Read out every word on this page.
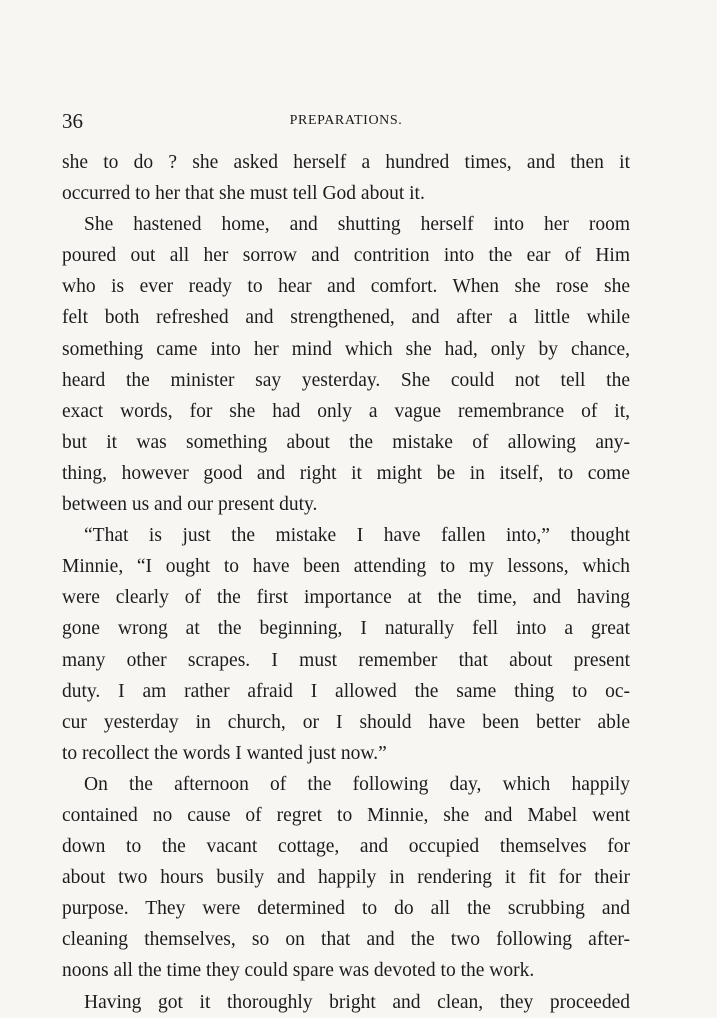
36	PREPARATIONS.
she to do ? she asked herself a hundred times, and then it
occurred to her that she must tell God about it.
She hastened home, and shutting herself into her room
poured out all her sorrow and contrition into the ear of Him
who is ever ready to hear and comfort. When she rose she
felt both refreshed and strengthened, and after a little while
something came into her mind which she had, only by chance,
heard the minister say yesterday. She could not tell the
exact words, for she had only a vague remembrance of it,
but it was something about the mistake of allowing any-
thing, however good and right it might be in itself, to come
between us and our present duty.
“That is just the mistake I have fallen into,” thought
Minnie, “I ought to have been attending to my lessons, which
were clearly of the first importance at the time, and having
gone wrong at the beginning, I naturally fell into a great
many other scrapes. I must remember that about present
duty. I am rather afraid I allowed the same thing to oc-
cur yesterday in church, or I should have been better able
to recollect the words I wanted just now.”
On the afternoon of the following day, which happily
contained no cause of regret to Minnie, she and Mabel went
down to the vacant cottage, and occupied themselves for
about two hours busily and happily in rendering it fit for their
purpose. They were determined to do all the scrubbing and
cleaning themselves, so on that and the two following after-
noons all the time they could spare was devoted to the work.
Having got it thoroughly bright and clean, they proceeded
